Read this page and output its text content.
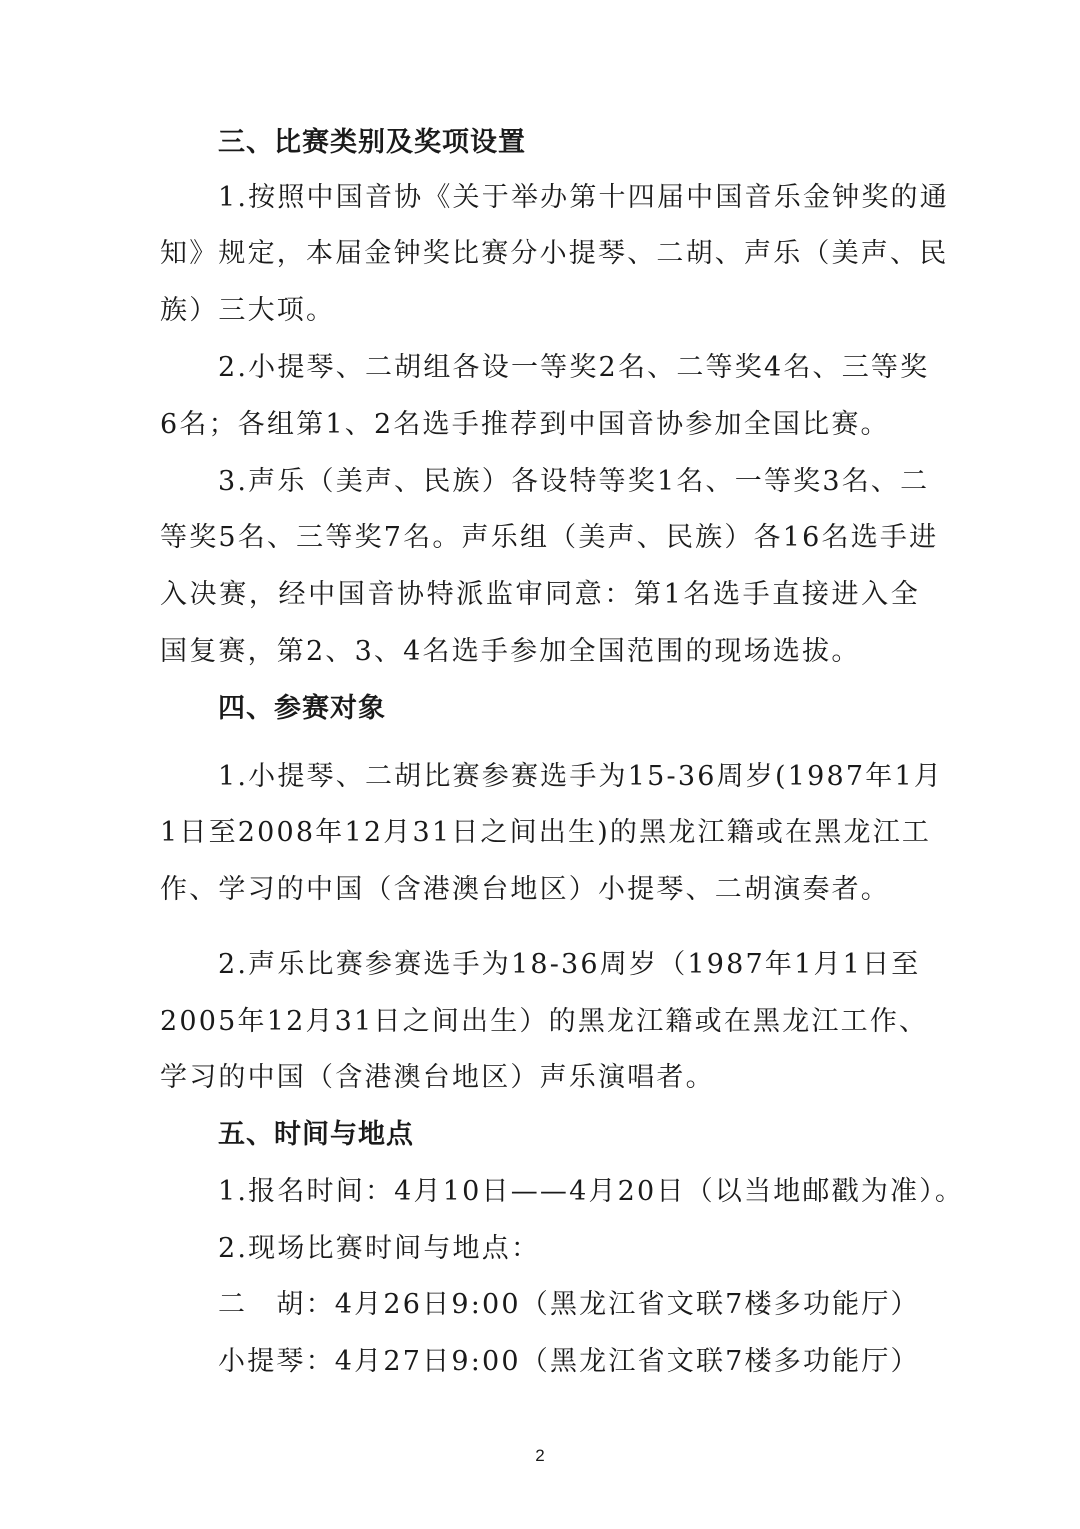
三、比赛类别及奖项设置
1.按照中国音协《关于举办第十四届中国音乐金钟奖的通
知》规定，本届金钟奖比赛分小提琴、二胡、声乐（美声、民
族）三大项。
2.小提琴、二胡组各设一等奖2名、二等奖4名、三等奖
6名；各组第1、2名选手推荐到中国音协参加全国比赛。
3.声乐（美声、民族）各设特等奖1名、一等奖3名、二
等奖5名、三等奖7名。声乐组（美声、民族）各16名选手进
入决赛，经中国音协特派监审同意：第1名选手直接进入全
国复赛，第2、3、4名选手参加全国范围的现场选拔。
四、参赛对象
1.小提琴、二胡比赛参赛选手为15-36周岁(1987年1月
1日至2008年12月31日之间出生)的黑龙江籍或在黑龙江工
作、学习的中国（含港澳台地区）小提琴、二胡演奏者。
2.声乐比赛参赛选手为18-36周岁（1987年1月1日至
2005年12月31日之间出生）的黑龙江籍或在黑龙江工作、
学习的中国（含港澳台地区）声乐演唱者。
五、时间与地点
1.报名时间：4月10日——4月20日（以当地邮戳为准）。
2.现场比赛时间与地点：
二　胡：4月26日9:00（黑龙江省文联7楼多功能厅）
小提琴：4月27日9:00（黑龙江省文联7楼多功能厅）
2
